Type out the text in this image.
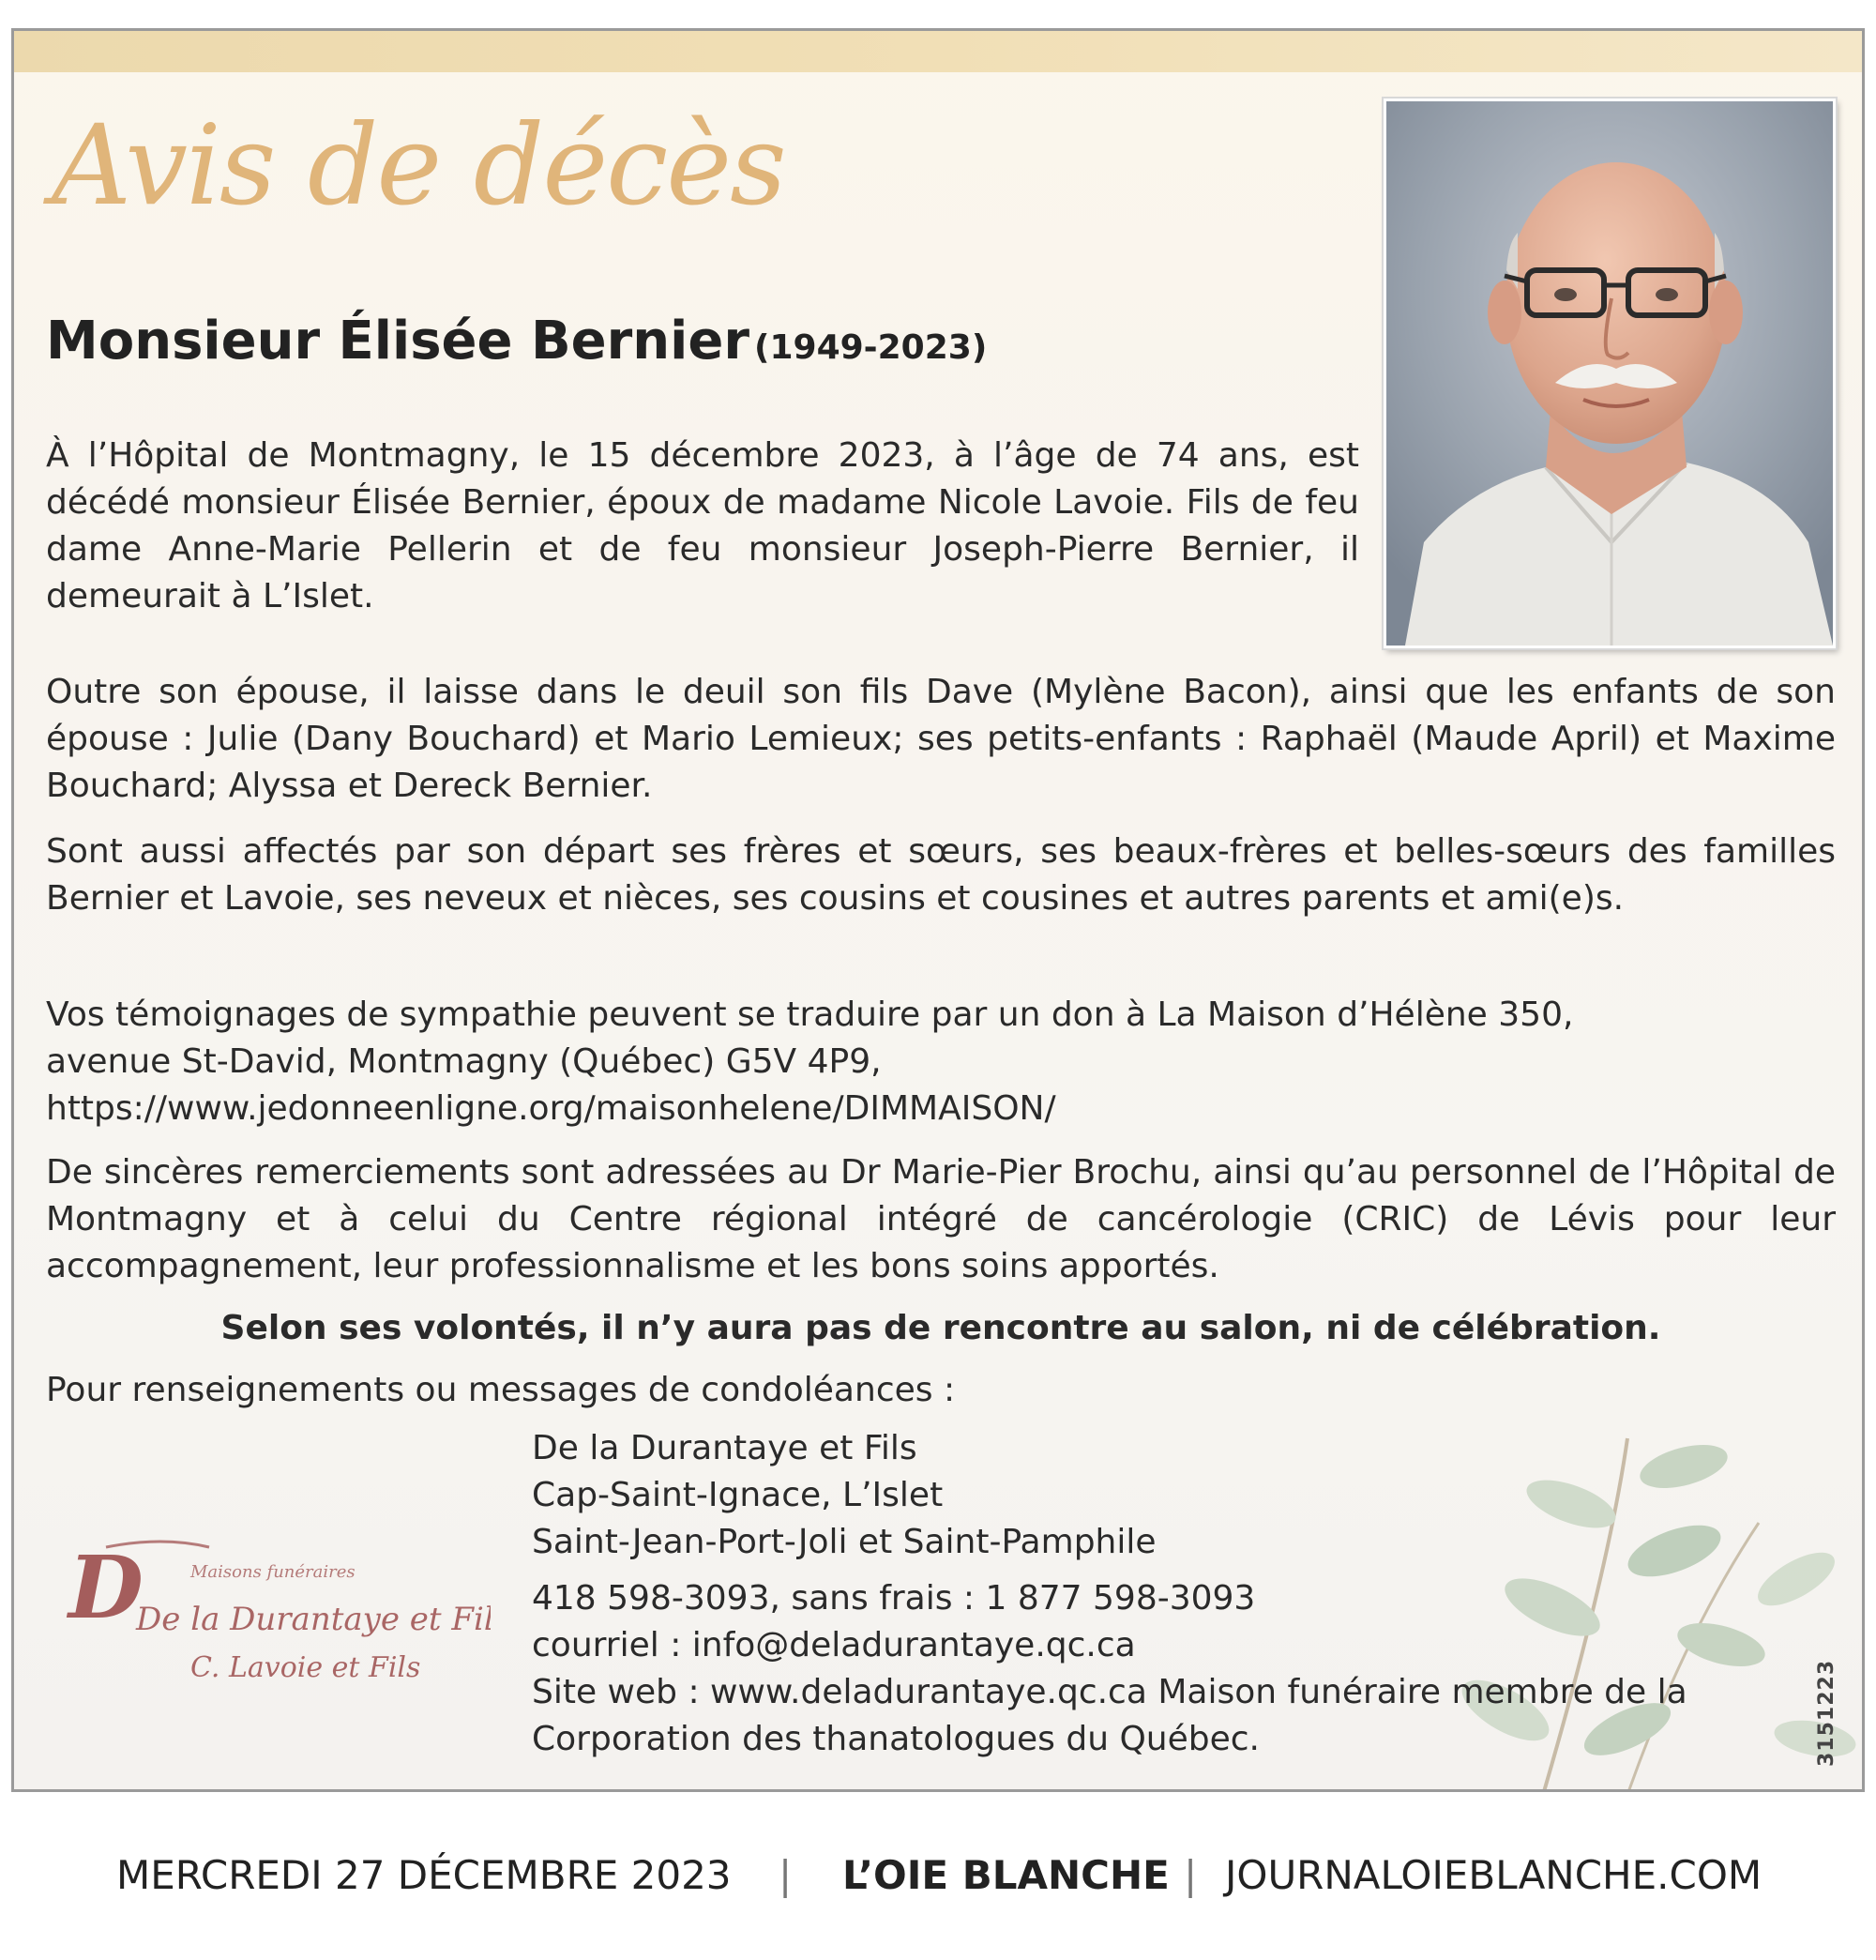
Avis de décès
Monsieur Élisée Bernier (1949-2023)

À l’Hôpital de Montmagny, le 15 décembre 2023, à l’âge de 74 ans, est décédé monsieur Élisée Bernier, époux de madame Nicole Lavoie. Fils de feu dame Anne-Marie Pellerin et de feu monsieur Joseph-Pierre Bernier, il demeurait à L’Islet.

Outre son épouse, il laisse dans le deuil son fils Dave (Mylène Bacon), ainsi que les enfants de son épouse : Julie (Dany Bouchard) et Mario Lemieux; ses petits-enfants : Raphaël (Maude April) et Maxime Bouchard; Alyssa et Dereck Bernier.

Sont aussi affectés par son départ ses frères et sœurs, ses beaux-frères et belles-sœurs des familles Bernier et Lavoie, ses neveux et nièces, ses cousins et cousines et autres parents et ami(e)s.

Vos témoignages de sympathie peuvent se traduire par un don à La Maison d’Hélène 350, avenue St-David, Montmagny (Québec) G5V 4P9, https://www.jedonneenligne.org/maisonhelene/DIMMAISON/

De sincères remerciements sont adressées au Dr Marie-Pier Brochu, ainsi qu’au personnel de l’Hôpital de Montmagny et à celui du Centre régional intégré de cancérologie (CRIC) de Lévis pour leur accompagnement, leur professionnalisme et les bons soins apportés.

Selon ses volontés, il n’y aura pas de rencontre au salon, ni de célébration.
Pour renseignements ou messages de condoléances :
D	Maisons funéraires
De la Durantaye et Fils
C. Lavoie et Fils
De la Durantaye et Fils
Cap-Saint-Ignace, L’Islet
Saint-Jean-Port-Joli et Saint-Pamphile
418 598-3093, sans frais : 1 877 598-3093
courriel : info@deladurantaye.qc.ca
Site web : www.deladurantaye.qc.ca Maison funéraire membre de la
Corporation des thanatologues du Québec.	3151223
MERCREDI 27 DÉCEMBRE 2023 | L’OIE BLANCHE | JOURNALOIEBLANCHE.COM
